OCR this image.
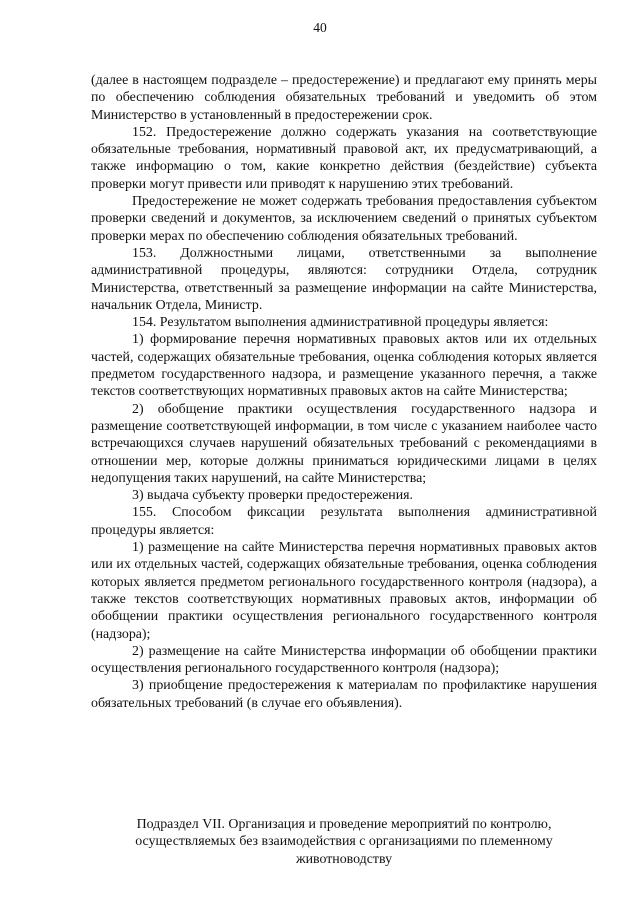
40

(далее в настоящем подразделе – предостережение) и предлагают ему принять меры по обеспечению соблюдения обязательных требований и уведомить об этом Министерство в установленный в предостережении срок.

152. Предостережение должно содержать указания на соответствующие обязательные требования, нормативный правовой акт, их предусматривающий, а также информацию о том, какие конкретно действия (бездействие) субъекта проверки могут привести или приводят к нарушению этих требований.

Предостережение не может содержать требования предоставления субъектом проверки сведений и документов, за исключением сведений о принятых субъектом проверки мерах по обеспечению соблюдения обязательных требований.

153. Должностными лицами, ответственными за выполнение административной процедуры, являются: сотрудники Отдела, сотрудник Министерства, ответственный за размещение информации на сайте Министерства, начальник Отдела, Министр.

154. Результатом выполнения административной процедуры является:

1) формирование перечня нормативных правовых актов или их отдельных частей, содержащих обязательные требования, оценка соблюдения которых является предметом государственного надзора, и размещение указанного перечня, а также текстов соответствующих нормативных правовых актов на сайте Министерства;

2) обобщение практики осуществления государственного надзора и размещение соответствующей информации, в том числе с указанием наиболее часто встречающихся случаев нарушений обязательных требований с рекомендациями в отношении мер, которые должны приниматься юридическими лицами в целях недопущения таких нарушений, на сайте Министерства;

3) выдача субъекту проверки предостережения.

155. Способом фиксации результата выполнения административной процедуры является:

1) размещение на сайте Министерства перечня нормативных правовых актов или их отдельных частей, содержащих обязательные требования, оценка соблюдения которых является предметом регионального государственного контроля (надзора), а также текстов соответствующих нормативных правовых актов, информации об обобщении практики осуществления регионального государственного контроля (надзора);

2) размещение на сайте Министерства информации об обобщении практики осуществления регионального государственного контроля (надзора);

3) приобщение предостережения к материалам по профилактике нарушения обязательных требований (в случае его объявления).

Подраздел VII. Организация и проведение мероприятий по контролю,
осуществляемых без взаимодействия с организациями по племенному
животноводству
